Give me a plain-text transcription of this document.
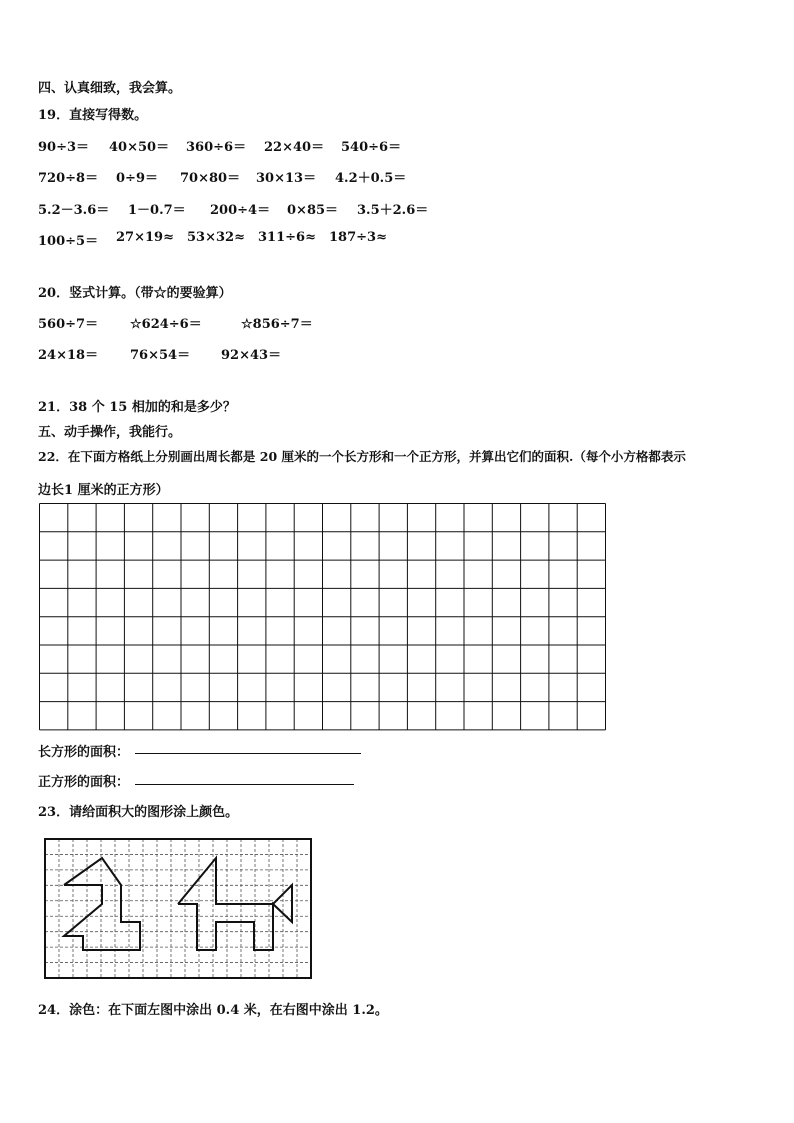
四、认真细致，我会算。
19．直接写得数。
90÷3＝ 40×50＝ 360÷6＝ 22×40＝ 540÷6＝
720÷8＝ 0÷9＝ 70×80＝ 30×13＝ 4.2＋0.5＝
5.2－3.6＝ 1－0.7＝ 200÷4＝ 0×85＝ 3.5＋2.6＝
100÷5＝ 27×19≈ 53×32≈ 311÷6≈ 187÷3≈
20．竖式计算。（带☆的要验算）
560÷7＝ ☆624÷6＝	☆856÷7＝
24×18＝ 76×54＝ 92×43＝
21．38 个 15 相加的和是多少？
五、动手操作，我能行。
22．在下面方格纸上分别画出周长都是 20 厘米的一个长方形和一个正方形，并算出它们的面积.（每个小方格都表示
边长1 厘米的正方形）
长方形的面积：
正方形的面积：
23．请给面积大的图形涂上颜色。
24．涂色：在下面左图中涂出 0.4 米，在右图中涂出 1.2。
